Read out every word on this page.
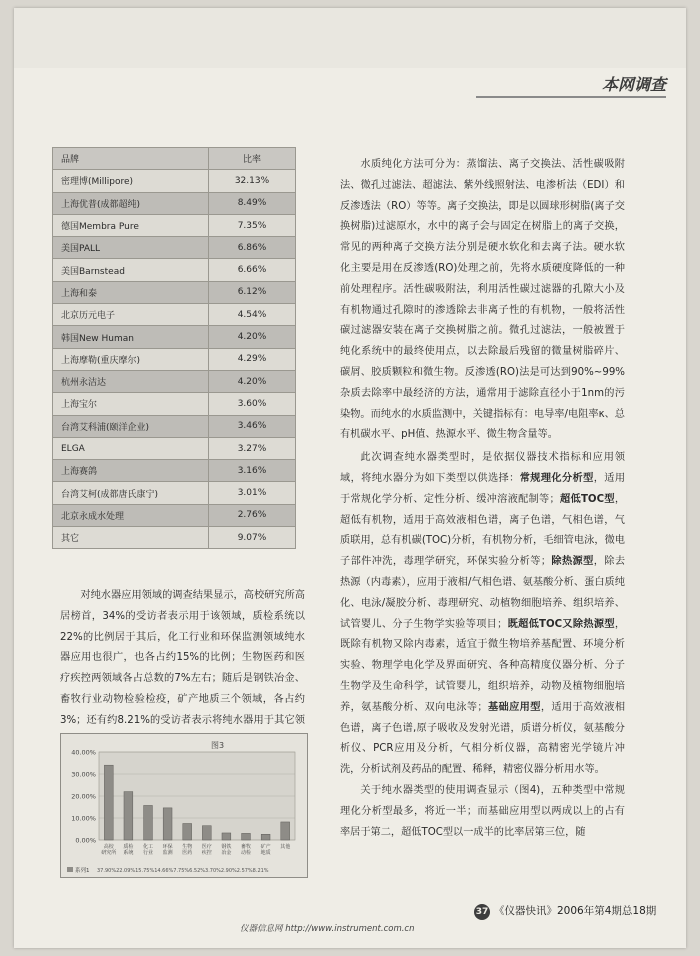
本网调查
品牌	比率
密理博(Millipore)	32.13%
上海优普(成都超纯)	8.49%
德国Membra Pure	7.35%
美国PALL	6.86%
美国Barnstead	6.66%
上海和泰	6.12%
北京历元电子	4.54%
韩国New Human	4.20%
上海摩勒(重庆摩尔)	4.29%
杭州永洁达	4.20%
上海宝尔	3.60%
台湾艾科浦(颐洋企业)	3.46%
ELGA	3.27%
上海赛鸽	3.16%
台湾艾柯(成都唐氏康宁)	3.01%
北京永成水处理	2.76%
其它	9.07%

水质纯化方法可分为：蒸馏法、离子交换法、活性碳吸附法、微孔过滤法、超滤法、紫外线照射法、电渗析法（EDI）和反渗透法（RO）等等。离子交换法，即是以圆球形树脂(离子交换树脂)过滤原水，水中的离子会与固定在树脂上的离子交换，常见的两种离子交换方法分别是硬水软化和去离子法。硬水软化主要是用在反渗透(RO)处理之前，先将水质硬度降低的一种前处理程序。活性碳吸附法，利用活性碳过滤器的孔隙大小及有机物通过孔隙时的渗透除去非离子性的有机物，一般将活性碳过滤器安装在离子交换树脂之前。微孔过滤法，一般被置于纯化系统中的最终使用点，以去除最后残留的微量树脂碎片、碳屑、胶质颗粒和微生物。反渗透(RO)法是可达到90%~99%杂质去除率中最经济的方法，通常用于滤除直径小于1nm的污染物。而纯水的水质监测中，关键指标有：电导率/电阻率κ、总有机碳水平、pH值、热源水平、微生物含量等。

此次调查纯水器类型时，是依据仪器技术指标和应用领域，将纯水器分为如下类型以供选择：常规理化分析型，适用于常规化学分析、定性分析、缓冲溶液配制等；超低TOC型，超低有机物，适用于高效液相色谱，离子色谱，气相色谱，气质联用，总有机碳(TOC)分析，有机物分析，毛细管电泳，微电子部件冲洗，毒理学研究，环保实验分析等；除热源型，除去热源（内毒素），应用于液相/气相色谱、氨基酸分析、蛋白质纯化、电泳/凝胶分析、毒理研究、动植物细胞培养、组织培养、试管婴儿、分子生物学实验等项目；既超低TOC又除热源型，既除有机物又除内毒素，适宜于微生物培养基配置、环境分析实验、物理学电化学及界面研究、各种高精度仪器分析、分子生物学及生命科学，试管婴儿，组织培养，动物及植物细胞培养，氨基酸分析、双向电泳等；基础应用型，适用于高效液相色谱，离子色谱,原子吸收及发射光谱，质谱分析仪，氨基酸分析仪、PCR应用及分析，气相分析仪器，高精密光学镜片冲洗，分析试剂及药品的配置、稀释，精密仪器分析用水等。

关于纯水器类型的使用调查显示（图4)，五种类型中常规理化分析型最多，将近一半；而基础应用型以两成以上的占有率居于第二，超低TOC型以一成半的比率居第三位，随

对纯水器应用领域的调查结果显示，高校研究所高居榜首，34%的受访者表示用于该领域，质检系统以22%的比例居于其后，化工行业和环保监测领域纯水器应用也很广，也各占约15%的比例；生物医药和医疗疾控两领域各占总数的7%左右；随后是钢铁冶金、畜牧行业动物检验检疫，矿产地质三个领域，各占约3%；还有约8.21%的受访者表示将纯水器用于其它领

图3
40.00%
30.00%
20.00%
10.00%
0.00%
高校
研究所
质检
系统
化工
行业
环保
监测
生物
医药
医疗
疾控
钢铁
冶金
畜牧
动检
矿产
地质
其他
系列1 37.90%22.09%15.75%14.66%7.75%6.52%3.70%2.90%2.57%8.21%
37 《仪器快讯》2006年第4期总18期
仪器信息网 http://www.instrument.com.cn
